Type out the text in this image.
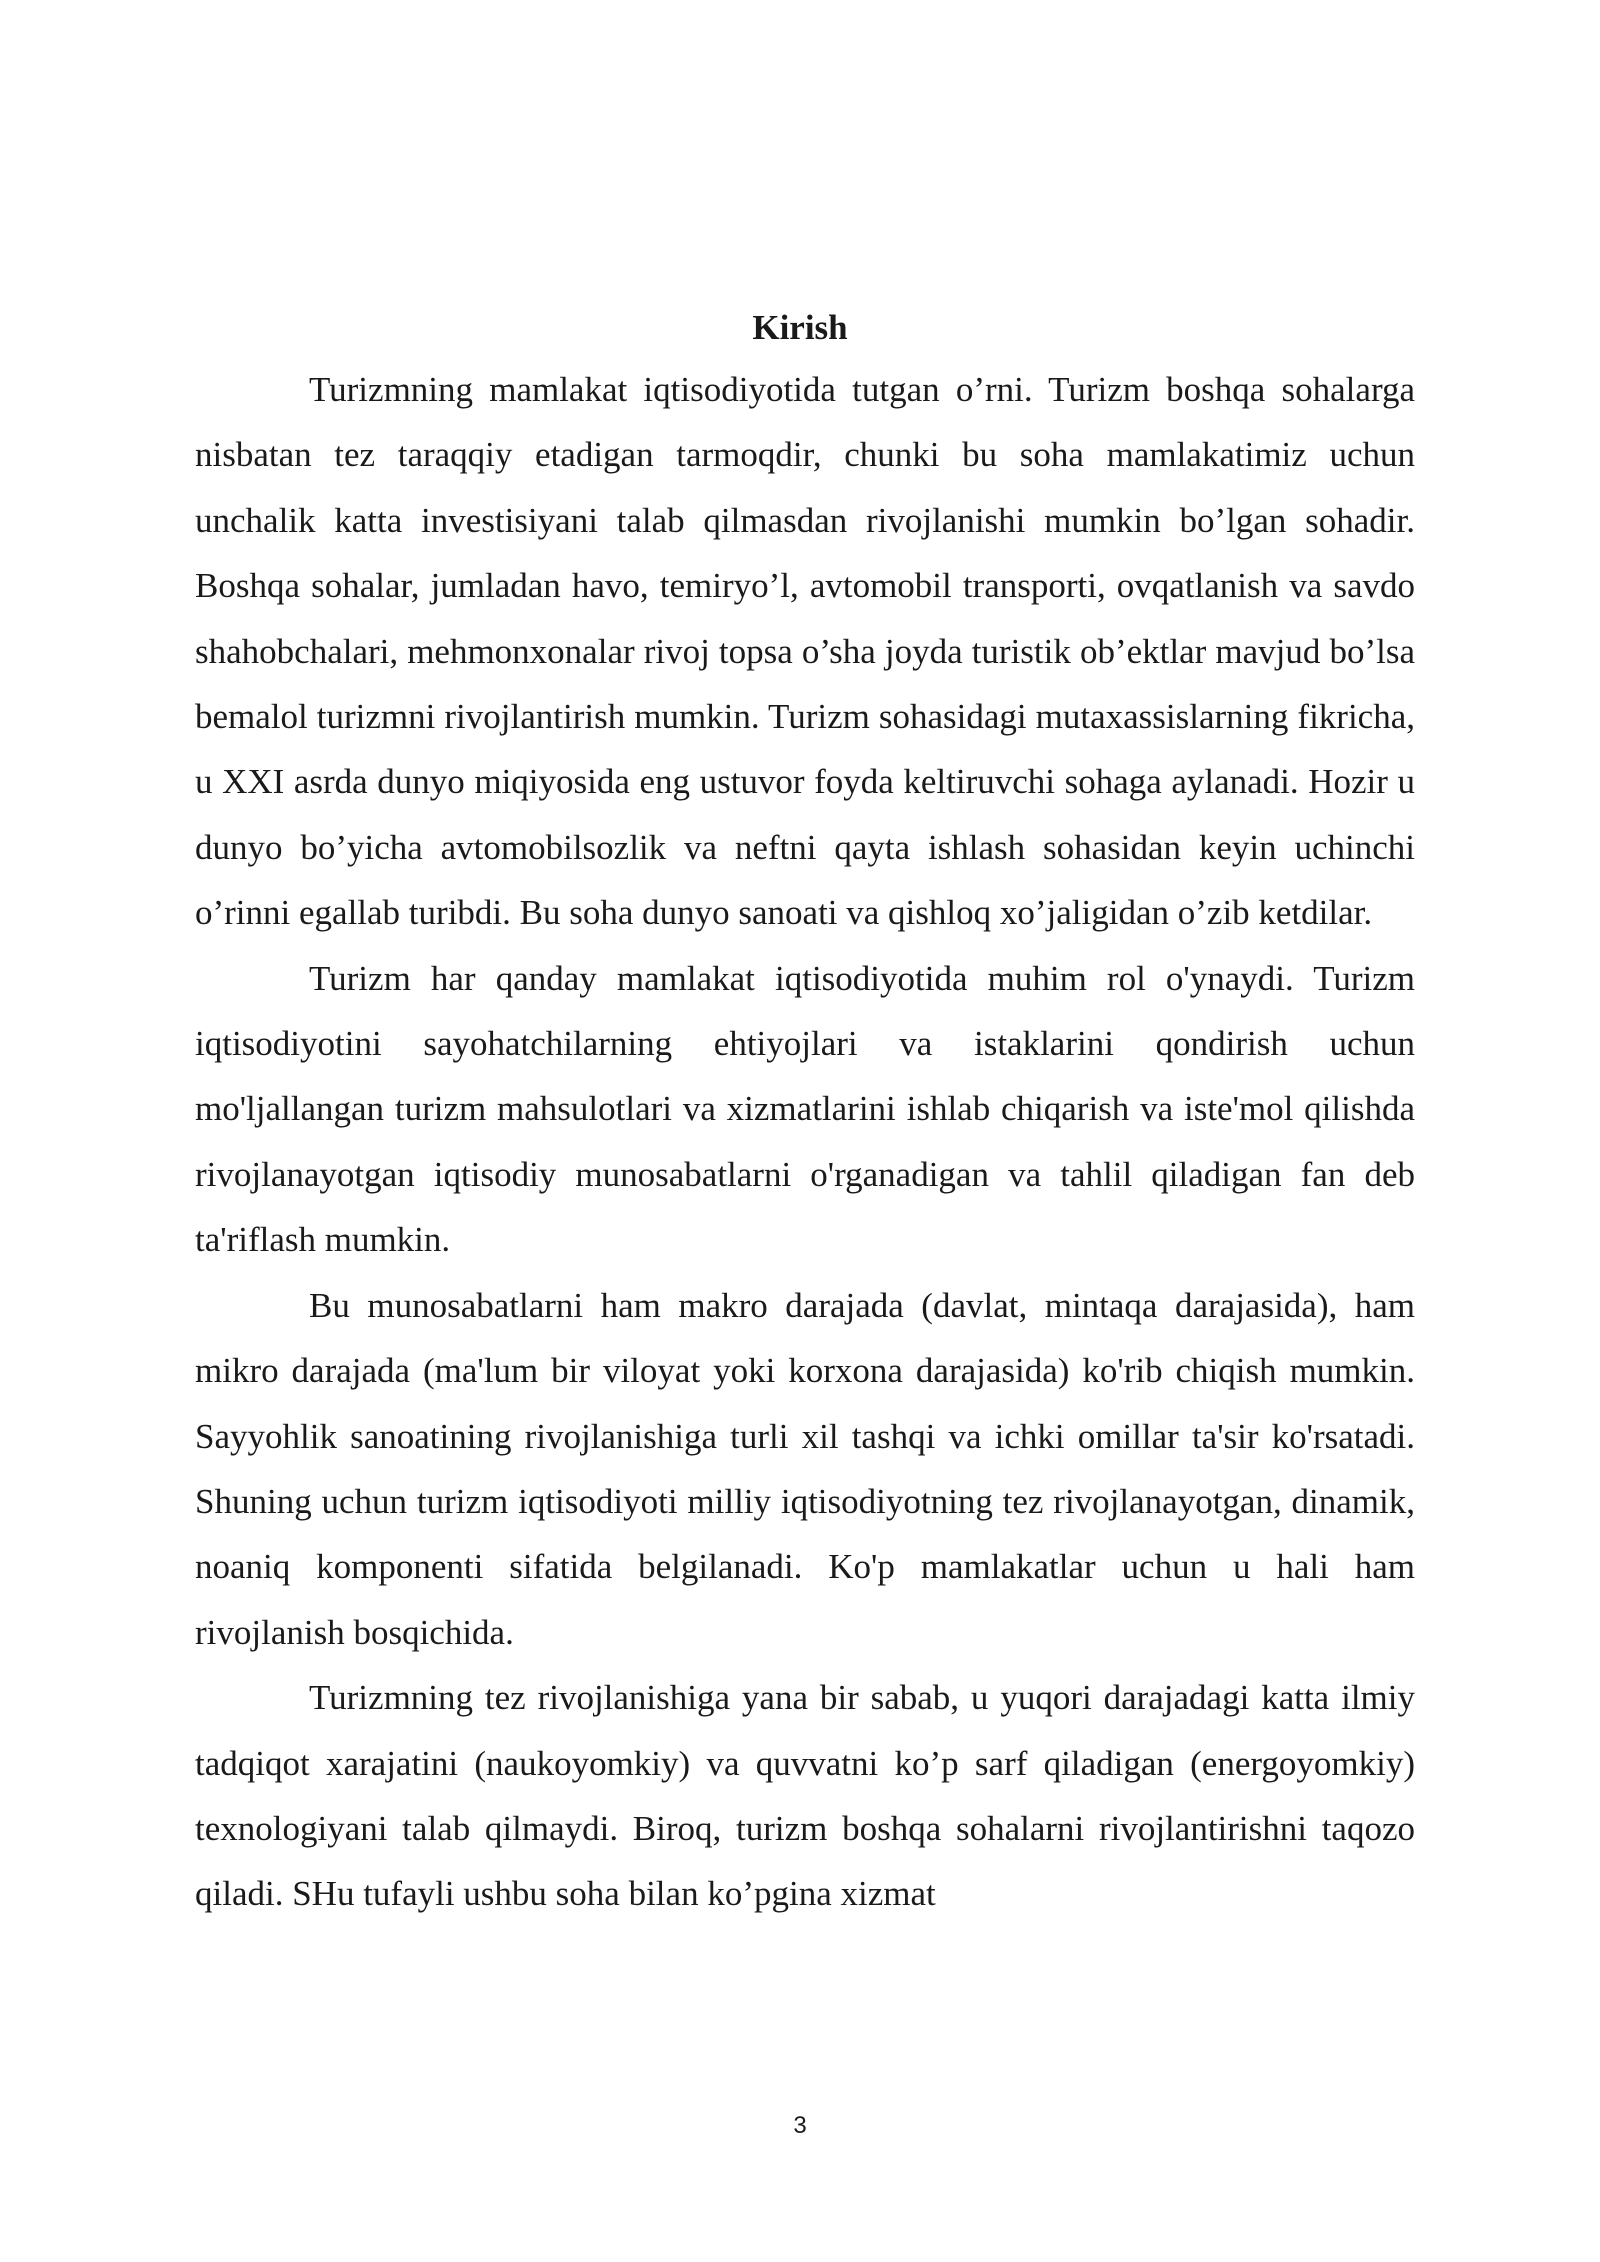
Kirish

Turizmning mamlakat iqtisodiyotida tutgan o’rni. Turizm boshqa sohalarga nisbatan tez taraqqiy etadigan tarmoqdir, chunki bu soha mamlakatimiz uchun unchalik katta investisiyani talab qilmasdan rivojlanishi mumkin bo’lgan sohadir. Boshqa sohalar, jumladan havo, temiryo’l, avtomobil transporti, ovqatlanish va savdo shahobchalari, mehmonxonalar rivoj topsa o’sha joyda turistik ob’ektlar mavjud bo’lsa bemalol turizmni rivojlantirish mumkin. Turizm sohasidagi mutaxassislarning fikricha, u XXI asrda dunyo miqiyosida eng ustuvor foyda keltiruvchi sohaga aylanadi. Hozir u dunyo bo’yicha avtomobilsozlik va neftni qayta ishlash sohasidan keyin uchinchi o’rinni egallab turibdi. Bu soha dunyo sanoati va qishloq xo’jaligidan o’zib ketdilar.

Turizm har qanday mamlakat iqtisodiyotida muhim rol o'ynaydi. Turizm iqtisodiyotini sayohatchilarning ehtiyojlari va istaklarini qondirish uchun mo'ljallangan turizm mahsulotlari va xizmatlarini ishlab chiqarish va iste'mol qilishda rivojlanayotgan iqtisodiy munosabatlarni o'rganadigan va tahlil qiladigan fan deb ta'riflash mumkin.

Bu munosabatlarni ham makro darajada (davlat, mintaqa darajasida), ham mikro darajada (ma'lum bir viloyat yoki korxona darajasida) ko'rib chiqish mumkin. Sayyohlik sanoatining rivojlanishiga turli xil tashqi va ichki omillar ta'sir ko'rsatadi. Shuning uchun turizm iqtisodiyoti milliy iqtisodiyotning tez rivojlanayotgan, dinamik, noaniq komponenti sifatida belgilanadi. Ko'p mamlakatlar uchun u hali ham rivojlanish bosqichida.

Turizmning tez rivojlanishiga yana bir sabab, u yuqori darajadagi katta ilmiy tadqiqot xarajatini (naukoyomkiy) va quvvatni ko’p sarf qiladigan (energoyomkiy) texnologiyani talab qilmaydi. Biroq, turizm boshqa sohalarni rivojlantirishni taqozo qiladi. SHu tufayli ushbu soha bilan ko’pgina xizmat

3
